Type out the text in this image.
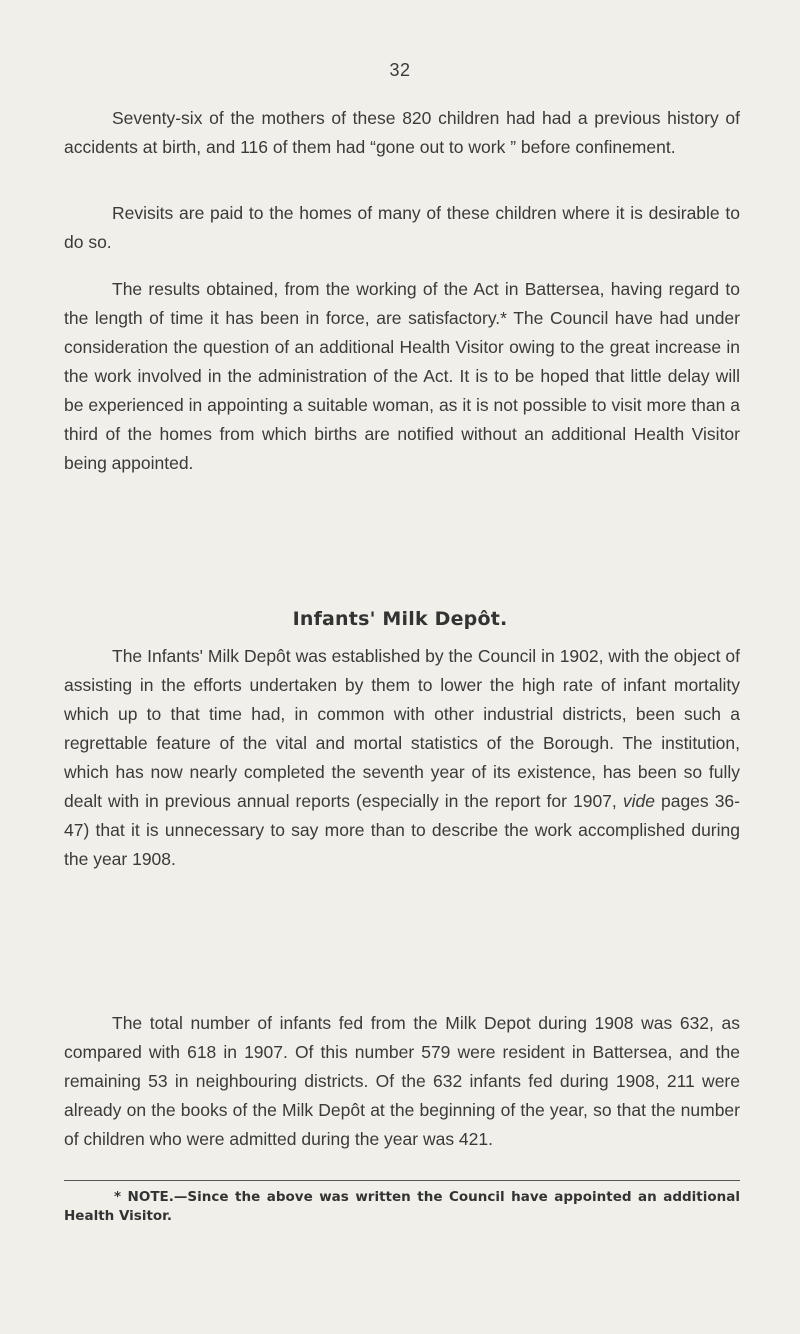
32

Seventy-six of the mothers of these 820 children had had a previous history of accidents at birth, and 116 of them had “gone out to work ” before confinement.

Revisits are paid to the homes of many of these children where it is desirable to do so.

The results obtained, from the working of the Act in Battersea, having regard to the length of time it has been in force, are satisfactory.* The Council have had under consideration the question of an additional Health Visitor owing to the great increase in the work involved in the administration of the Act. It is to be hoped that little delay will be experienced in appointing a suitable woman, as it is not possible to visit more than a third of the homes from which births are notified without an additional Health Visitor being appointed.

Infants' Milk Depôt.

The Infants' Milk Depôt was established by the Council in 1902, with the object of assisting in the efforts undertaken by them to lower the high rate of infant mortality which up to that time had, in common with other industrial districts, been such a regrettable feature of the vital and mortal statistics of the Borough. The institution, which has now nearly completed the seventh year of its existence, has been so fully dealt with in previous annual reports (especially in the report for 1907, vide pages 36-47) that it is unnecessary to say more than to describe the work accomplished during the year 1908.

The total number of infants fed from the Milk Depot during 1908 was 632, as compared with 618 in 1907. Of this number 579 were resident in Battersea, and the remaining 53 in neighbouring districts. Of the 632 infants fed during 1908, 211 were already on the books of the Milk Depôt at the beginning of the year, so that the number of children who were admitted during the year was 421.

* NOTE.—Since the above was written the Council have appointed an additional Health Visitor.
